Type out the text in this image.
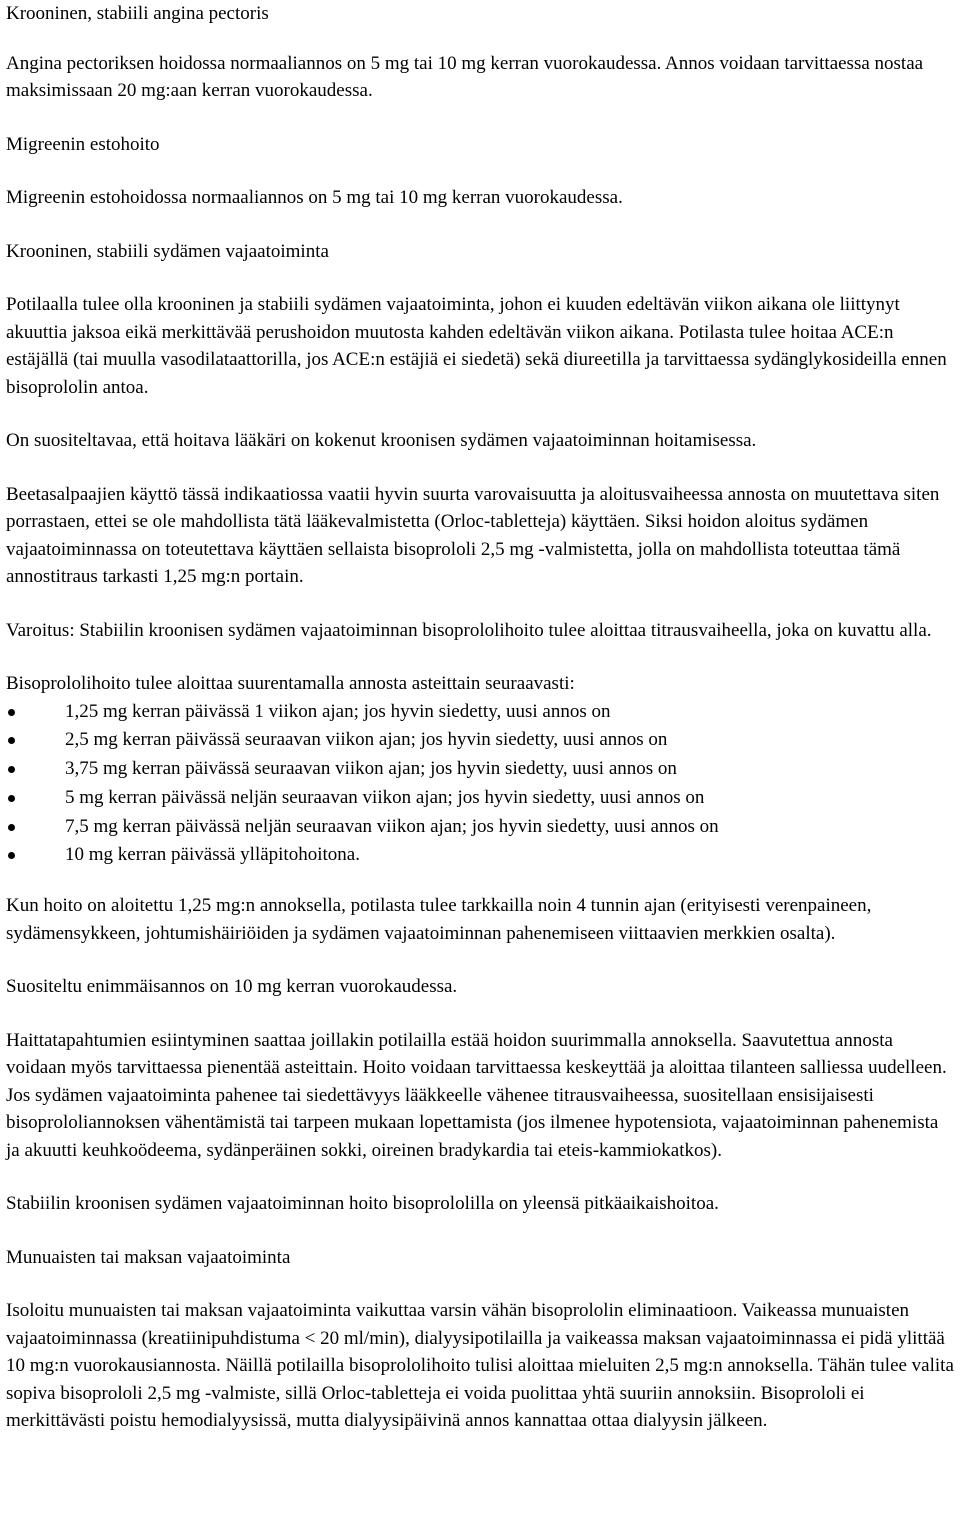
Krooninen, stabiili angina pectoris

Angina pectoriksen hoidossa normaaliannos on 5 mg tai 10 mg kerran vuorokaudessa. Annos voidaan tarvittaessa nostaa maksimissaan 20 mg:aan kerran vuorokaudessa.

Migreenin estohoito

Migreenin estohoidossa normaaliannos on 5 mg tai 10 mg kerran vuorokaudessa.

Krooninen, stabiili sydämen vajaatoiminta

Potilaalla tulee olla krooninen ja stabiili sydämen vajaatoiminta, johon ei kuuden edeltävän viikon aikana ole liittynyt akuuttia jaksoa eikä merkittävää perushoidon muutosta kahden edeltävän viikon aikana. Potilasta tulee hoitaa ACE:n estäjällä (tai muulla vasodilataattorilla, jos ACE:n estäjiä ei siedetä) sekä diureetilla ja tarvittaessa sydänglykosideilla ennen bisoprololin antoa.

On suositeltavaa, että hoitava lääkäri on kokenut kroonisen sydämen vajaatoiminnan hoitamisessa.

Beetasalpaajien käyttö tässä indikaatiossa vaatii hyvin suurta varovaisuutta ja aloitusvaiheessa annosta on muutettava siten porrastaen, ettei se ole mahdollista tätä lääkevalmistetta (Orloc-tabletteja) käyttäen. Siksi hoidon aloitus sydämen vajaatoiminnassa on toteutettava käyttäen sellaista bisoprololi 2,5 mg -valmistetta, jolla on mahdollista toteuttaa tämä annostitraus tarkasti 1,25 mg:n portain.

Varoitus: Stabiilin kroonisen sydämen vajaatoiminnan bisoprololihoito tulee aloittaa titrausvaiheella, joka on kuvattu alla.

Bisoprololihoito tulee aloittaa suurentamalla annosta asteittain seuraavasti:

1,25 mg kerran päivässä 1 viikon ajan; jos hyvin siedetty, uusi annos on
2,5 mg kerran päivässä seuraavan viikon ajan; jos hyvin siedetty, uusi annos on
3,75 mg kerran päivässä seuraavan viikon ajan; jos hyvin siedetty, uusi annos on
5 mg kerran päivässä neljän seuraavan viikon ajan; jos hyvin siedetty, uusi annos on
7,5 mg kerran päivässä neljän seuraavan viikon ajan; jos hyvin siedetty, uusi annos on
10 mg kerran päivässä ylläpitohoitona.

Kun hoito on aloitettu 1,25 mg:n annoksella, potilasta tulee tarkkailla noin 4 tunnin ajan (erityisesti verenpaineen, sydämensykkeen, johtumishäiriöiden ja sydämen vajaatoiminnan pahenemiseen viittaavien merkkien osalta).

Suositeltu enimmäisannos on 10 mg kerran vuorokaudessa.

Haittatapahtumien esiintyminen saattaa joillakin potilailla estää hoidon suurimmalla annoksella. Saavutettua annosta voidaan myös tarvittaessa pienentää asteittain. Hoito voidaan tarvittaessa keskeyttää ja aloittaa tilanteen salliessa uudelleen. Jos sydämen vajaatoiminta pahenee tai siedettävyys lääkkeelle vähenee titrausvaiheessa, suositellaan ensisijaisesti bisoprololiannoksen vähentämistä tai tarpeen mukaan lopettamista (jos ilmenee hypotensiota, vajaatoiminnan pahenemista ja akuutti keuhkoödeema, sydänperäinen sokki, oireinen bradykardia tai eteis-kammiokatkos).

Stabiilin kroonisen sydämen vajaatoiminnan hoito bisoprololilla on yleensä pitkäaikaishoitoa.

Munuaisten tai maksan vajaatoiminta

Isoloitu munuaisten tai maksan vajaatoiminta vaikuttaa varsin vähän bisoprololin eliminaatioon. Vaikeassa munuaisten vajaatoiminnassa (kreatiinipuhdistuma < 20 ml/min), dialyysipotilailla ja vaikeassa maksan vajaatoiminnassa ei pidä ylittää 10 mg:n vuorokausiannosta. Näillä potilailla bisoprololihoito tulisi aloittaa mieluiten 2,5 mg:n annoksella. Tähän tulee valita sopiva bisoprololi 2,5 mg -valmiste, sillä Orloc-tabletteja ei voida puolittaa yhtä suuriin annoksiin. Bisoprololi ei merkittävästi poistu hemodialyysissä, mutta dialyysipäivinä annos kannattaa ottaa dialyysin jälkeen.
